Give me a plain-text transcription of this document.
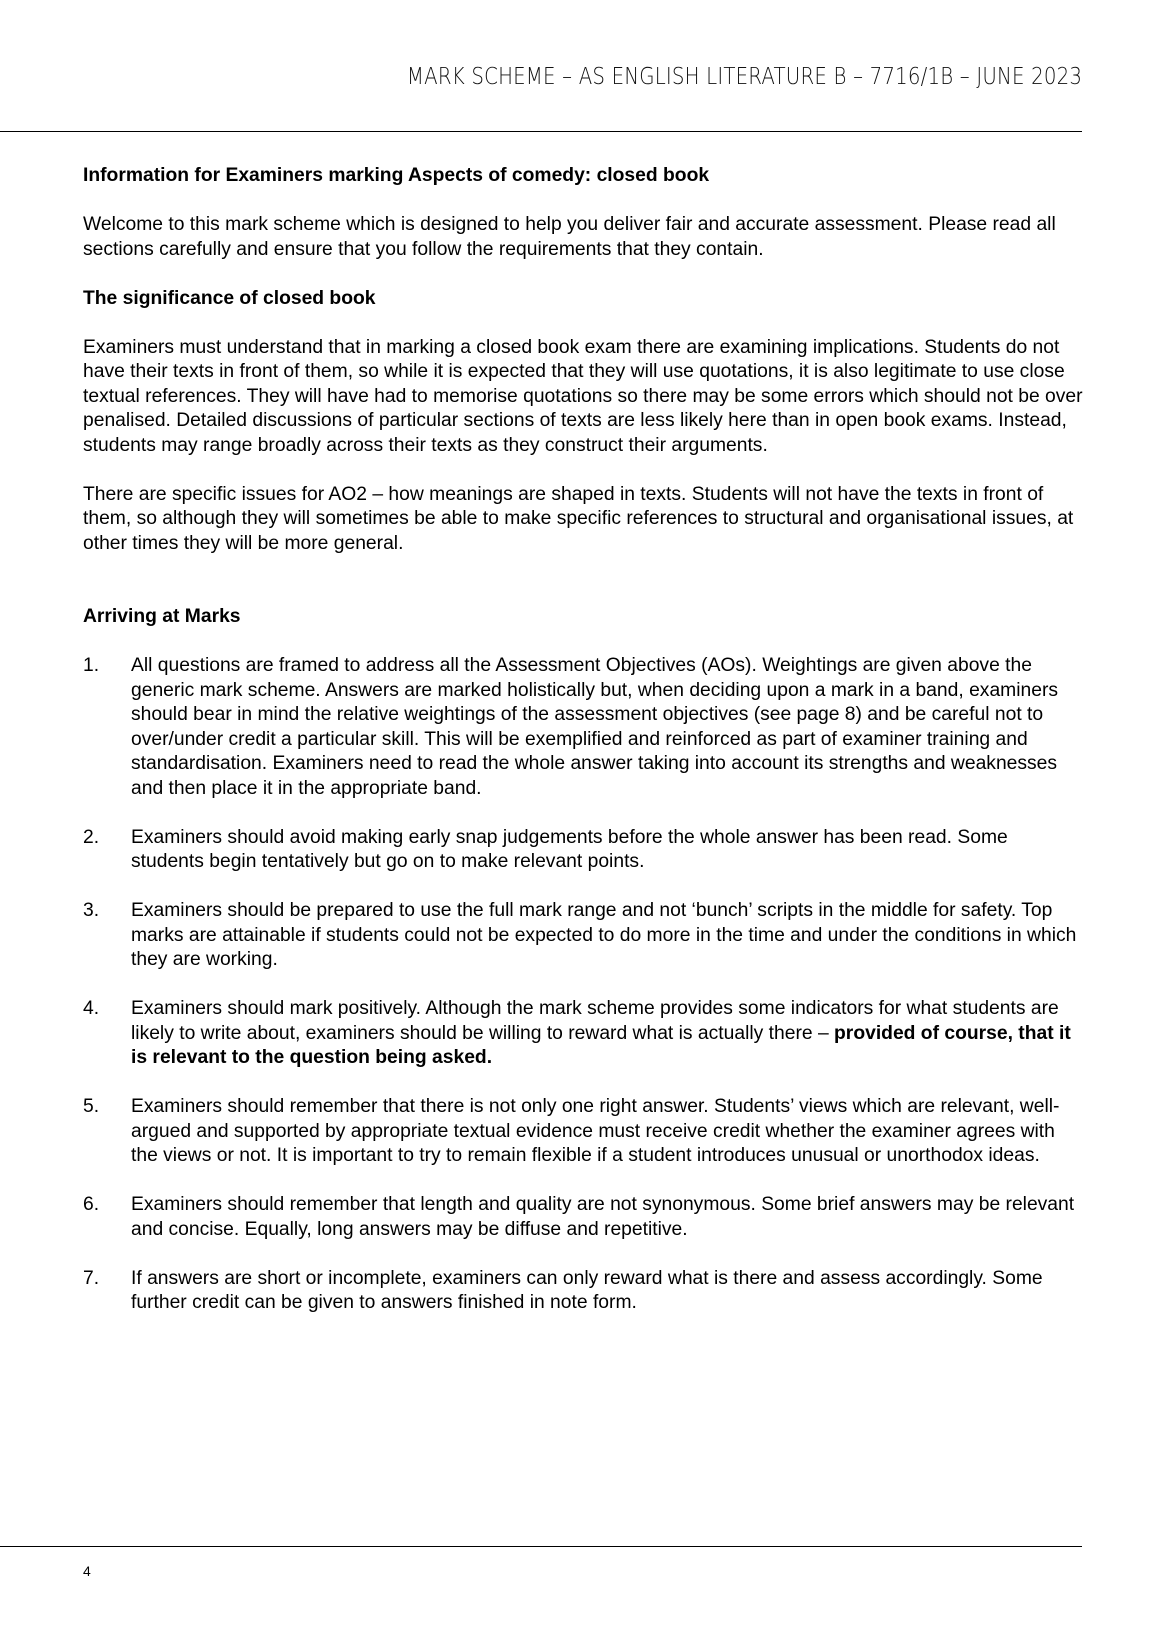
MARK SCHEME – AS ENGLISH LITERATURE B – 7716/1B – JUNE 2023
Information for Examiners marking Aspects of comedy: closed book

Welcome to this mark scheme which is designed to help you deliver fair and accurate assessment. Please read all sections carefully and ensure that you follow the requirements that they contain.

The significance of closed book

Examiners must understand that in marking a closed book exam there are examining implications. Students do not have their texts in front of them, so while it is expected that they will use quotations, it is also legitimate to use close textual references. They will have had to memorise quotations so there may be some errors which should not be over penalised. Detailed discussions of particular sections of texts are less likely here than in open book exams. Instead, students may range broadly across their texts as they construct their arguments.

There are specific issues for AO2 – how meanings are shaped in texts. Students will not have the texts in front of them, so although they will sometimes be able to make specific references to structural and organisational issues, at other times they will be more general.

Arriving at Marks
1. All questions are framed to address all the Assessment Objectives (AOs). Weightings are given above the generic mark scheme. Answers are marked holistically but, when deciding upon a mark in a band, examiners should bear in mind the relative weightings of the assessment objectives (see page 8) and be careful not to over/under credit a particular skill. This will be exemplified and reinforced as part of examiner training and standardisation. Examiners need to read the whole answer taking into account its strengths and weaknesses and then place it in the appropriate band.
2. Examiners should avoid making early snap judgements before the whole answer has been read. Some students begin tentatively but go on to make relevant points.
3. Examiners should be prepared to use the full mark range and not ‘bunch’ scripts in the middle for safety. Top marks are attainable if students could not be expected to do more in the time and under the conditions in which they are working.
4. Examiners should mark positively. Although the mark scheme provides some indicators for what students are likely to write about, examiners should be willing to reward what is actually there – provided of course, that it is relevant to the question being asked.
5. Examiners should remember that there is not only one right answer. Students’ views which are relevant, well-argued and supported by appropriate textual evidence must receive credit whether the examiner agrees with the views or not. It is important to try to remain flexible if a student introduces unusual or unorthodox ideas.
6. Examiners should remember that length and quality are not synonymous. Some brief answers may be relevant and concise. Equally, long answers may be diffuse and repetitive.
7. If answers are short or incomplete, examiners can only reward what is there and assess accordingly. Some further credit can be given to answers finished in note form.
4
